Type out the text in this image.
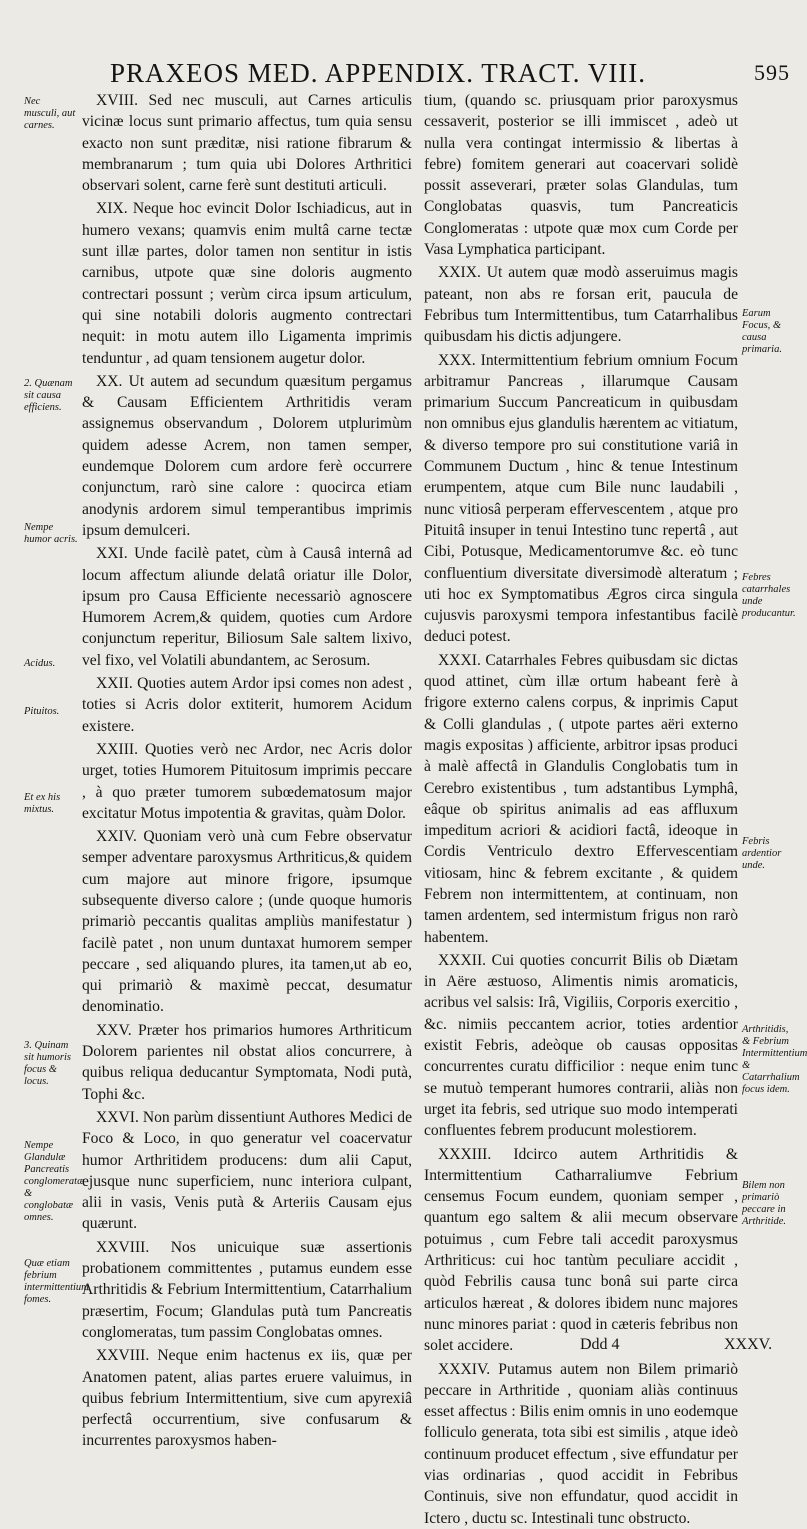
PRAXEOS MED. APPENDIX. TRACT. VIII.	595
Nec musculi, aut carnes.
2. Quænam sit causa efficiens.
Nempe humor acris.
Acidus.
Pituitos.
Et ex his mixtus.
3. Quinam sit humoris focus & locus.
Nempe Glandulæ Pancreatis conglomeratæ & conglobatæ omnes.
Quæ etiam febrium intermittentium fomes.
Earum Focus, & causa primaria.
Febres catarrhales unde producantur.
Febris ardentior unde.
Arthritidis, & Febrium Intermittentium & Catarrhalium focus idem.
Bilem non primariò peccare in Arthritide.

XVIII. Sed nec musculi, aut Carnes articulis vicinæ locus sunt primario affectus, tum quia sensu exacto non sunt præditæ, nisi ratione fibrarum & membranarum ; tum quia ubi Dolores Arthritici observari solent, carne ferè sunt destituti articuli.

XIX. Neque hoc evincit Dolor Ischiadicus, aut in humero vexans; quamvis enim multâ carne tectæ sunt illæ partes, dolor tamen non sentitur in istis carnibus, utpote quæ sine doloris augmento contrectari possunt ; verùm circa ipsum articulum, qui sine notabili doloris augmento contrectari nequit: in motu autem illo Ligamenta imprimis tenduntur , ad quam tensionem augetur dolor.

XX. Ut autem ad secundum quæsitum pergamus & Causam Efficientem Arthritidis veram assignemus observandum , Dolorem utplurimùm quidem adesse Acrem, non tamen semper, eundemque Dolorem cum ardore ferè occurrere conjunctum, rarò sine calore : quocirca etiam anodynis ardorem simul temperantibus imprimis ipsum demulceri.

XXI. Unde facilè patet, cùm à Causâ internâ ad locum affectum aliunde delatâ oriatur ille Dolor, ipsum pro Causa Efficiente necessariò agnoscere Humorem Acrem,& quidem, quoties cum Ardore conjunctum reperitur, Biliosum Sale saltem lixivo, vel fixo, vel Volatili abundantem, ac Serosum.

XXII. Quoties autem Ardor ipsi comes non adest , toties si Acris dolor extiterit, humorem Acidum existere.

XXIII. Quoties verò nec Ardor, nec Acris dolor urget, toties Humorem Pituitosum imprimis peccare , à quo præter tumorem subœdematosum major excitatur Motus impotentia & gravitas, quàm Dolor.

XXIV. Quoniam verò unà cum Febre observatur semper adventare paroxysmus Arthriticus,& quidem cum majore aut minore frigore, ipsumque subsequente diverso calore ; (unde quoque humoris primariò peccantis qualitas ampliùs manifestatur ) facilè patet , non unum duntaxat humorem semper peccare , sed aliquando plures, ita tamen,ut ab eo, qui primariò & maximè peccat, desumatur denominatio.

XXV. Præter hos primarios humores Arthriticum Dolorem parientes nil obstat alios concurrere, à quibus reliqua deducantur Symptomata, Nodi putà, Tophi &c.

XXVI. Non parùm dissentiunt Authores Medici de Foco & Loco, in quo generatur vel coacervatur humor Arthritidem producens: dum alii Caput, ejusque nunc superficiem, nunc interiora culpant, alii in vasis, Venis putà & Arteriis Causam ejus quærunt.

XXVIII. Nos unicuique suæ assertionis probationem committentes , putamus eundem esse Arthritidis & Febrium Intermittentium, Catarrhalium præsertim, Focum; Glandulas putà tum Pancreatis conglomeratas, tum passim Conglobatas omnes.

XXVIII. Neque enim hactenus ex iis, quæ per Anatomen patent, alias partes eruere valuimus, in quibus febrium Intermittentium, sive cum apyrexiâ perfectâ occurrentium, sive confusarum & incurrentes paroxysmos haben-

tium, (quando sc. priusquam prior paroxysmus cessaverit, posterior se illi immiscet , adeò ut nulla vera contingat intermissio & libertas à febre) fomitem generari aut coacervari solidè possit asseverari, præter solas Glandulas, tum Conglobatas quasvis, tum Pancreaticis Conglomeratas : utpote quæ mox cum Corde per Vasa Lymphatica participant.

XXIX. Ut autem quæ modò asseruimus magis pateant, non abs re forsan erit, paucula de Febribus tum Intermittentibus, tum Catarrhalibus quibusdam his dictis adjungere.

XXX. Intermittentium febrium omnium Focum arbitramur Pancreas , illarumque Causam primarium Succum Pancreaticum in quibusdam non omnibus ejus glandulis hærentem ac vitiatum, & diverso tempore pro sui constitutione variâ in Communem Ductum , hinc & tenue Intestinum erumpentem, atque cum Bile nunc laudabili , nunc vitiosâ perperam effervescentem , atque pro Pituitâ insuper in tenui Intestino tunc repertâ , aut Cibi, Potusque, Medicamentorumve &c. eò tunc confluentium diversitate diversimodè alteratum ; uti hoc ex Symptomatibus Ægros circa singula cujusvis paroxysmi tempora infestantibus facilè deduci potest.

XXXI. Catarrhales Febres quibusdam sic dictas quod attinet, cùm illæ ortum habeant ferè à frigore externo calens corpus, & inprimis Caput & Colli glandulas , ( utpote partes aëri externo magis expositas ) afficiente, arbitror ipsas produci à malè affectâ in Glandulis Conglobatis tum in Cerebro existentibus , tum adstantibus Lymphâ, eâque ob spiritus animalis ad eas affluxum impeditum acriori & acidiori factâ, ideoque in Cordis Ventriculo dextro Effervescentiam vitiosam, hinc & febrem excitante , & quidem Febrem non intermittentem, at continuam, non tamen ardentem, sed intermistum frigus non rarò habentem.

XXXII. Cui quoties concurrit Bilis ob Diætam in Aëre æstuoso, Alimentis nimis aromaticis, acribus vel salsis: Irâ, Vigiliis, Corporis exercitio , &c. nimiis peccantem acrior, toties ardentior existit Febris, adeòque ob causas oppositas concurrentes curatu difficilior : neque enim tunc se mutuò temperant humores contrarii, aliàs non urget ita febris, sed utrique suo modo intemperati confluentes febrem producunt molestiorem.

XXXIII. Idcirco autem Arthritidis & Intermittentium Catharraliumve Febrium censemus Focum eundem, quoniam semper , quantum ego saltem & alii mecum observare potuimus , cum Febre tali accedit paroxysmus Arthriticus: cui hoc tantùm peculiare accidit , quòd Febrilis causa tunc bonâ sui parte circa articulos hæreat , & dolores ibidem nunc majores nunc minores pariat : quod in cæteris febribus non solet accidere.

XXXIV. Putamus autem non Bilem primariò peccare in Arthritide , quoniam aliàs continuus esset affectus : Bilis enim omnis in uno eodemque folliculo generata, tota sibi est similis , atque ideò continuum producet effectum , sive effundatur per vias ordinarias , quod accidit in Febribus Continuis, sive non effundatur, quod accidit in Ictero , ductu sc. Intestinali tunc obstructo.

Ddd 4	XXXV.
